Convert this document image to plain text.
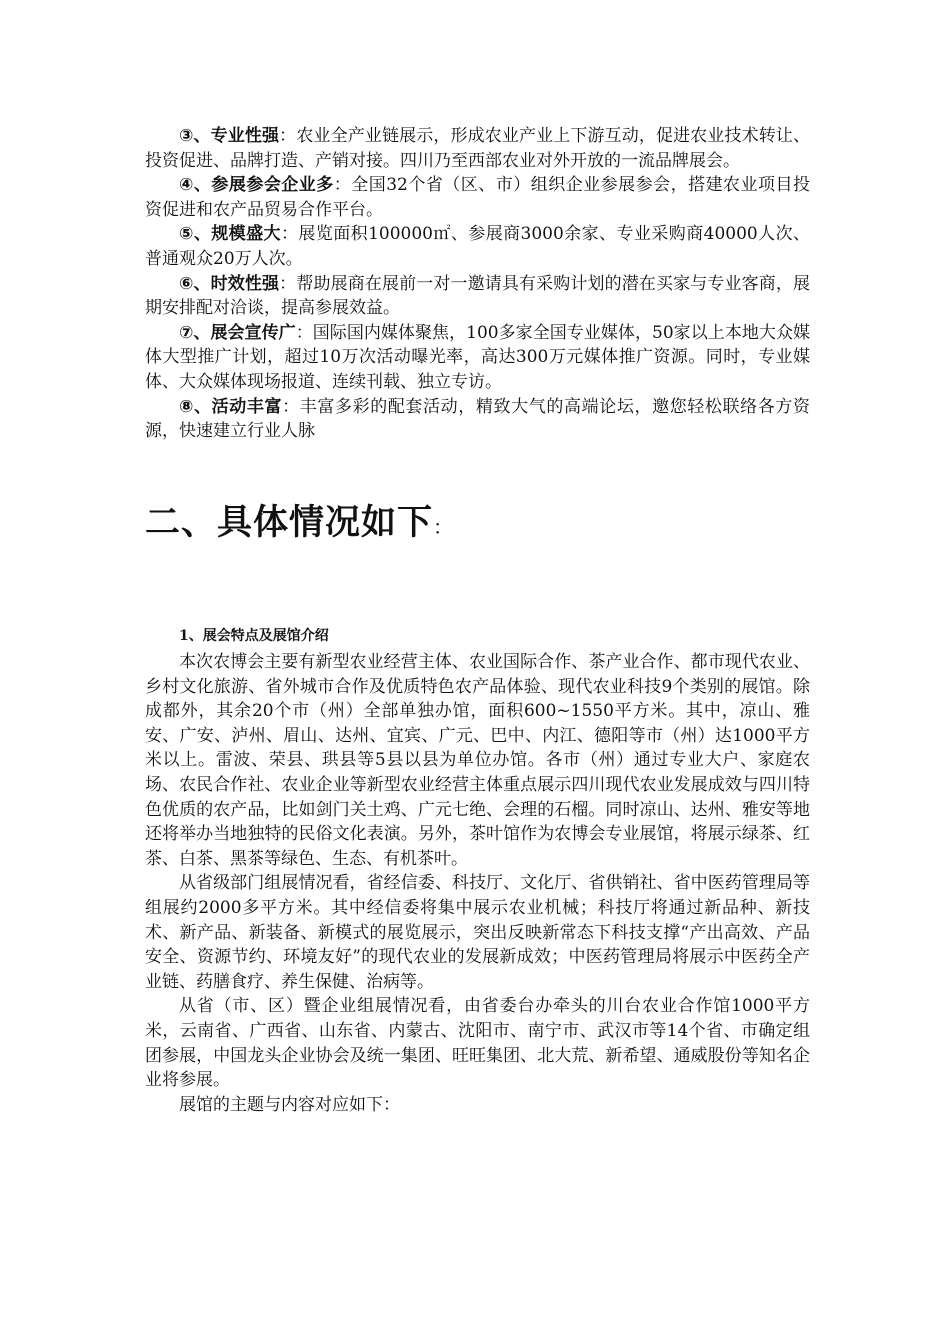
③、专业性强：农业全产业链展示，形成农业产业上下游互动，促进农业技术转让、投资促进、品牌打造、产销对接。四川乃至西部农业对外开放的一流品牌展会。

④、参展参会企业多：全国32个省（区、市）组织企业参展参会，搭建农业项目投资促进和农产品贸易合作平台。

⑤、规模盛大：展览面积100000㎡、参展商3000余家、专业采购商40000人次、普通观众20万人次。

⑥、时效性强：帮助展商在展前一对一邀请具有采购计划的潜在买家与专业客商，展期安排配对洽谈，提高参展效益。

⑦、展会宣传广：国际国内媒体聚焦，100多家全国专业媒体，50家以上本地大众媒体大型推广计划，超过10万次活动曝光率，高达300万元媒体推广资源。同时，专业媒体、大众媒体现场报道、连续刊载、独立专访。

⑧、活动丰富：丰富多彩的配套活动，精致大气的高端论坛，邀您轻松联络各方资源，快速建立行业人脉

二、具体情况如下：
1、展会特点及展馆介绍

本次农博会主要有新型农业经营主体、农业国际合作、茶产业合作、都市现代农业、乡村文化旅游、省外城市合作及优质特色农产品体验、现代农业科技9个类别的展馆。除成都外，其余20个市（州）全部单独办馆，面积600~1550平方米。其中，凉山、雅安、广安、泸州、眉山、达州、宜宾、广元、巴中、内江、德阳等市（州）达1000平方米以上。雷波、荣县、珙县等5县以县为单位办馆。各市（州）通过专业大户、家庭农场、农民合作社、农业企业等新型农业经营主体重点展示四川现代农业发展成效与四川特色优质的农产品，比如剑门关土鸡、广元七绝、会理的石榴。同时凉山、达州、雅安等地还将举办当地独特的民俗文化表演。另外，茶叶馆作为农博会专业展馆，将展示绿茶、红茶、白茶、黑茶等绿色、生态、有机茶叶。

从省级部门组展情况看，省经信委、科技厅、文化厅、省供销社、省中医药管理局等组展约2000多平方米。其中经信委将集中展示农业机械；科技厅将通过新品种、新技术、新产品、新装备、新模式的展览展示，突出反映新常态下科技支撑“产出高效、产品安全、资源节约、环境友好”的现代农业的发展新成效；中医药管理局将展示中医药全产业链、药膳食疗、养生保健、治病等。

从省（市、区）暨企业组展情况看，由省委台办牵头的川台农业合作馆1000平方米，云南省、广西省、山东省、内蒙古、沈阳市、南宁市、武汉市等14个省、市确定组团参展，中国龙头企业协会及统一集团、旺旺集团、北大荒、新希望、通威股份等知名企业将参展。

展馆的主题与内容对应如下：
